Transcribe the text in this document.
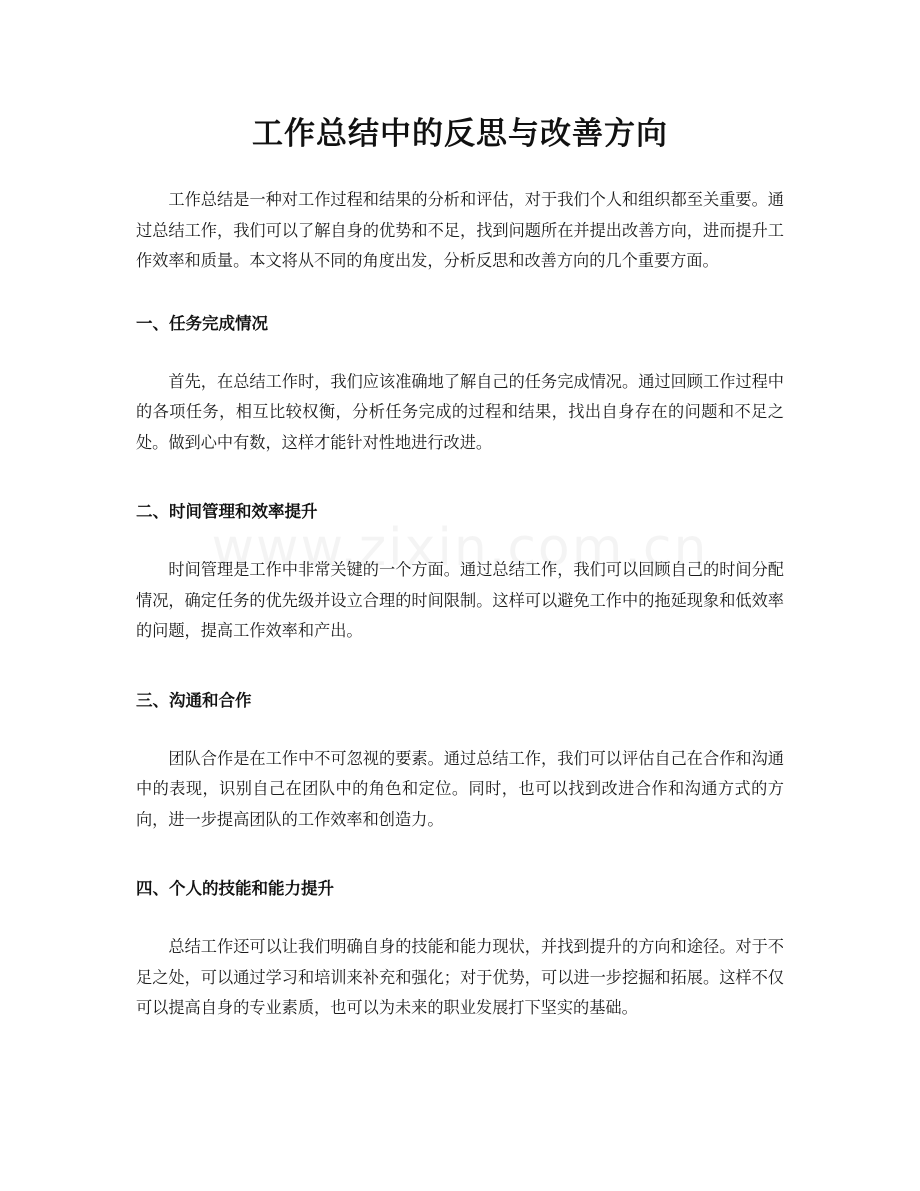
工作总结中的反思与改善方向

工作总结是一种对工作过程和结果的分析和评估，对于我们个人和组织都至关重要。通过总结工作，我们可以了解自身的优势和不足，找到问题所在并提出改善方向，进而提升工作效率和质量。本文将从不同的角度出发，分析反思和改善方向的几个重要方面。

一、任务完成情况

首先，在总结工作时，我们应该准确地了解自己的任务完成情况。通过回顾工作过程中的各项任务，相互比较权衡，分析任务完成的过程和结果，找出自身存在的问题和不足之处。做到心中有数，这样才能针对性地进行改进。

二、时间管理和效率提升

时间管理是工作中非常关键的一个方面。通过总结工作，我们可以回顾自己的时间分配情况，确定任务的优先级并设立合理的时间限制。这样可以避免工作中的拖延现象和低效率的问题，提高工作效率和产出。

三、沟通和合作

团队合作是在工作中不可忽视的要素。通过总结工作，我们可以评估自己在合作和沟通中的表现，识别自己在团队中的角色和定位。同时，也可以找到改进合作和沟通方式的方向，进一步提高团队的工作效率和创造力。

四、个人的技能和能力提升

总结工作还可以让我们明确自身的技能和能力现状，并找到提升的方向和途径。对于不足之处，可以通过学习和培训来补充和强化；对于优势，可以进一步挖掘和拓展。这样不仅可以提高自身的专业素质，也可以为未来的职业发展打下坚实的基础。
